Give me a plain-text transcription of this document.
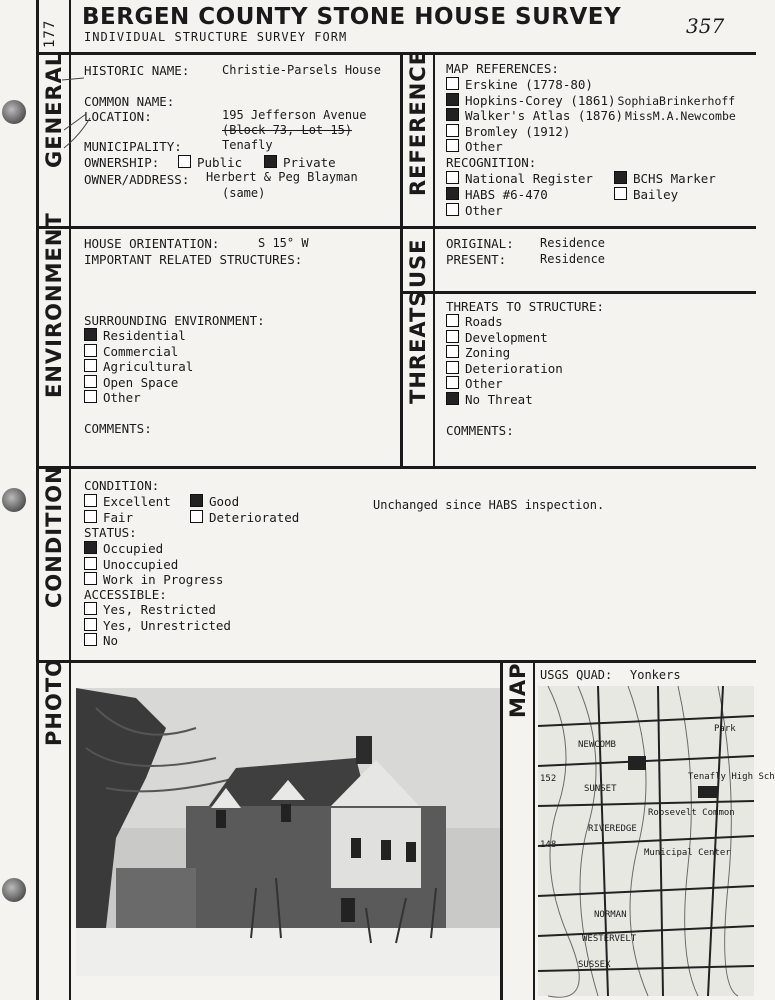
177
BERGEN COUNTY STONE HOUSE SURVEY
INDIVIDUAL STRUCTURE SURVEY FORM	357
GENERAL	REFERENCE
ENVIRONMENT	USE
THREATS
CONDITION
PHOTO	MAP
HISTORIC NAME:	Christie-Parsels House
COMMON NAME:
LOCATION:	195 Jefferson Avenue
(Block 73, Lot 15)
MUNICIPALITY:	Tenafly
OWNERSHIP:	Public	Private
OWNER/ADDRESS: Herbert & Peg Blayman
(same)
MAP REFERENCES:
Erskine (1778-80)
Hopkins-Corey (1861) SophiaBrinkerhoff
Walker's Atlas (1876) MissM.A.Newcombe
Bromley (1912)
Other
RECOGNITION:
National Register	BCHS Marker
HABS #6-470	Bailey
Other
HOUSE ORIENTATION:	S 15° W
IMPORTANT RELATED STRUCTURES:
SURROUNDING ENVIRONMENT:
Residential
Commercial
Agricultural
Open Space
Other
COMMENTS:
ORIGINAL: Residence
PRESENT:	Residence
THREATS TO STRUCTURE:
Roads
Development
Zoning
Deterioration
Other
No Threat
COMMENTS:
CONDITION:
Excellent	Good
Fair	Deteriorated
STATUS:
Occupied
Unoccupied
Work in Progress
ACCESSIBLE:
Yes, Restricted
Yes, Unrestricted
No
Unchanged since HABS inspection.
USGS QUAD: Yonkers
Park
Tenafly High Sch
Roosevelt Common
Municipal Center
NEWCOMB
SUNSET
RIVEREDGE
NORMAN
WESTERVELT
SUSSEX
152
148
